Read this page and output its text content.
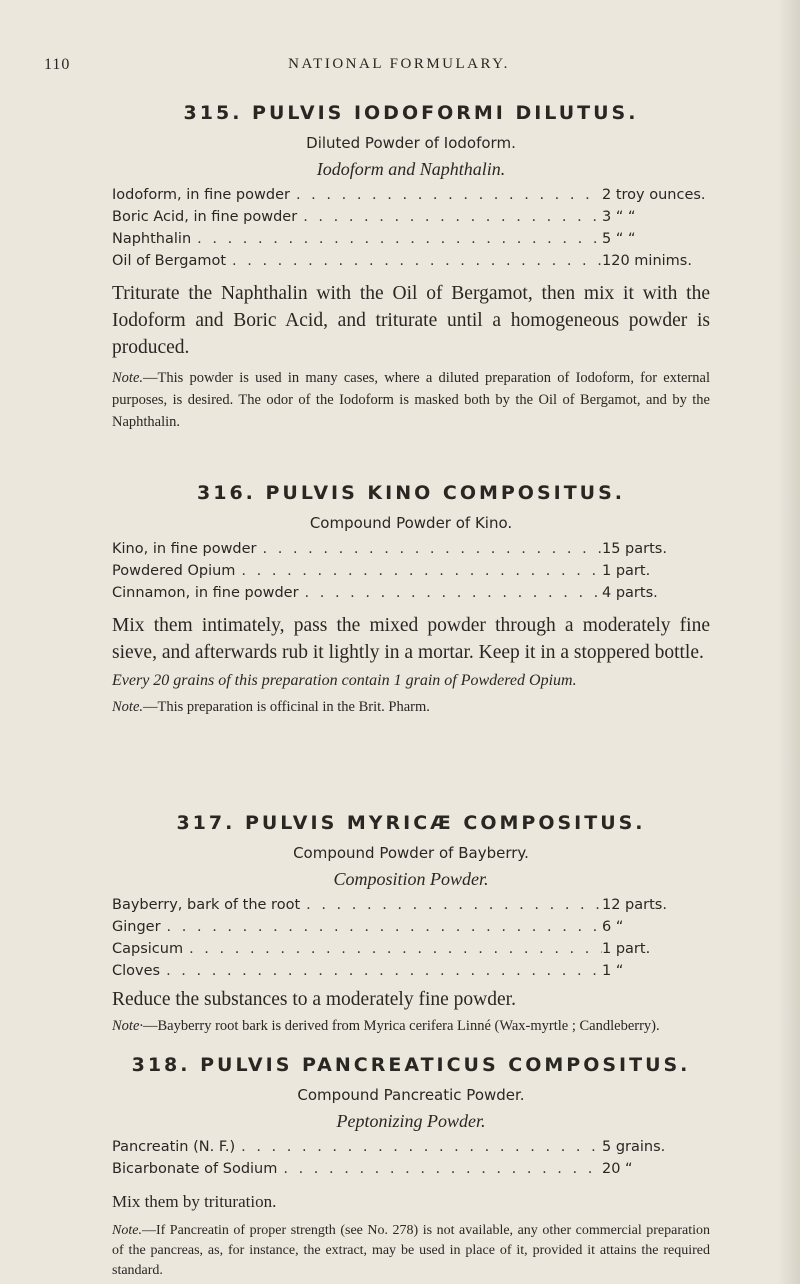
110	NATIONAL FORMULARY.
315. PULVIS IODOFORMI DILUTUS.
Diluted Powder of Iodoform.
Iodoform and Naphthalin.
Iodoform, in fine powder . . .	2 troy ounces.
Boric Acid, in fine powder . . .	3 “ “
Naphthalin . . .	5 “ “
Oil of Bergamot . . .	120 minims.

Triturate the Naphthalin with the Oil of Bergamot, then mix it with the Iodoform and Boric Acid, and triturate until a homogeneous powder is produced.

Note.—This powder is used in many cases, where a diluted preparation of Iodoform, for external purposes, is desired. The odor of the Iodoform is masked both by the Oil of Bergamot, and by the Naphthalin.

316. PULVIS KINO COMPOSITUS.
Compound Powder of Kino.
Kino, in fine powder . . .	15 parts.
Powdered Opium . . .	1 part.
Cinnamon, in fine powder . . .	4 parts.

Mix them intimately, pass the mixed powder through a moderately fine sieve, and afterwards rub it lightly in a mortar. Keep it in a stoppered bottle.

Every 20 grains of this preparation contain 1 grain of Powdered Opium.

Note.—This preparation is officinal in the Brit. Pharm.

317. PULVIS MYRICÆ COMPOSITUS.
Compound Powder of Bayberry.
Composition Powder.
Bayberry, bark of the root . . .	12 parts.
Ginger . . .	6 “
Capsicum . . .	1 part.
Cloves . . .	1 “

Reduce the substances to a moderately fine powder.

Note·—Bayberry root bark is derived from Myrica cerifera Linné (Wax-myrtle ; Candleberry).

318. PULVIS PANCREATICUS COMPOSITUS.
Compound Pancreatic Powder.
Peptonizing Powder.
Pancreatin (N. F.) . . .	5 grains.
Bicarbonate of Sodium . . .	20 “

Mix them by trituration.

Note.—If Pancreatin of proper strength (see No. 278) is not available, any other commercial preparation of the pancreas, as, for instance, the extract, may be used in place of it, provided it attains the required standard.
